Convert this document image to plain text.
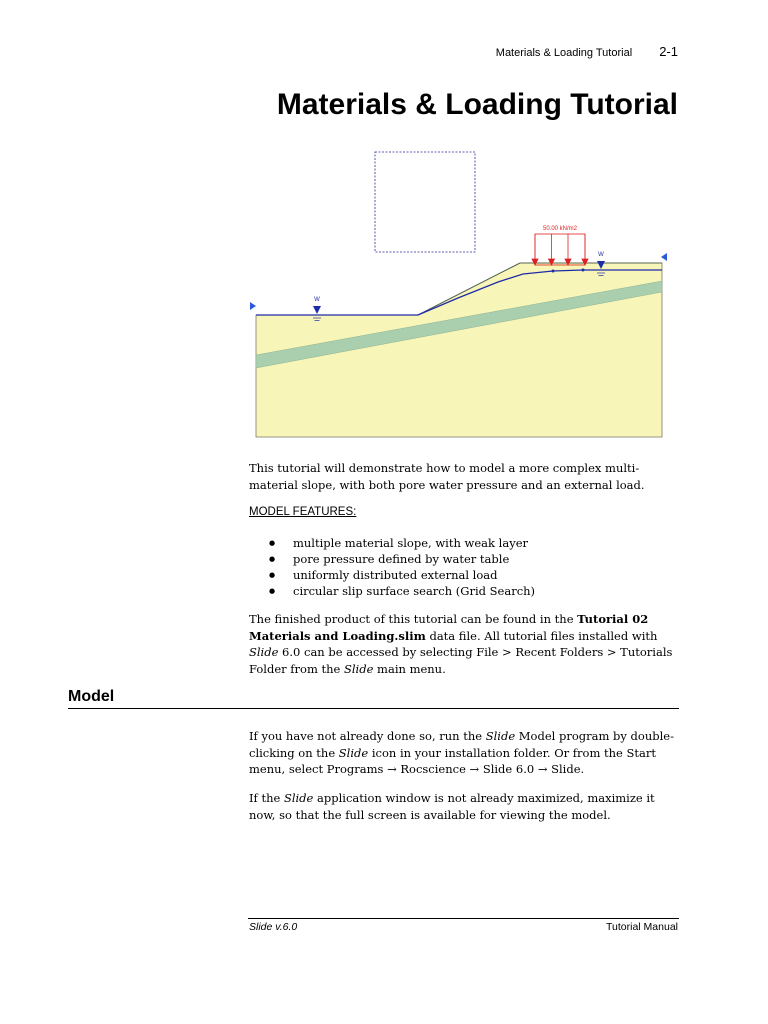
Materials & Loading Tutorial 2-1
Materials & Loading Tutorial
50.00 kN/m2
W
W

This tutorial will demonstrate how to model a more complex multi-material slope, with both pore water pressure and an external load.

MODEL FEATURES:
● multiple material slope, with weak layer
● pore pressure defined by water table
● uniformly distributed external load
● circular slip surface search (Grid Search)

The finished product of this tutorial can be found in the Tutorial 02 Materials and Loading.slim data file. All tutorial files installed with Slide 6.0 can be accessed by selecting File > Recent Folders > Tutorials Folder from the Slide main menu.

Model

If you have not already done so, run the Slide Model program by double-clicking on the Slide icon in your installation folder. Or from the Start menu, select Programs → Rocscience → Slide 6.0 → Slide.

If the Slide application window is not already maximized, maximize it now, so that the full screen is available for viewing the model.

Slide v.6.0	Tutorial Manual
